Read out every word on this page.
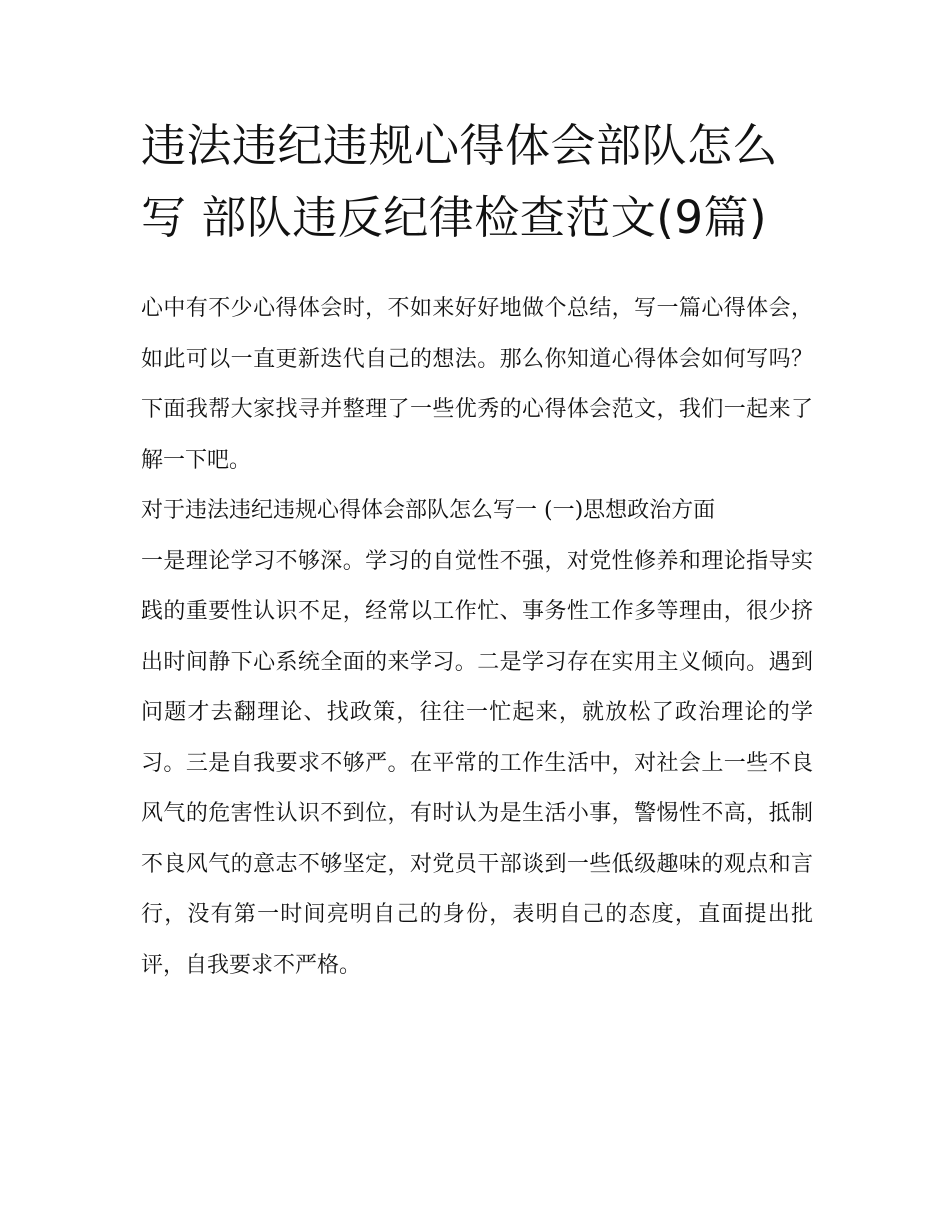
违法违纪违规心得体会部队怎么写 部队违反纪律检查范文(9篇)

心中有不少心得体会时，不如来好好地做个总结，写一篇心得体会，如此可以一直更新迭代自己的想法。那么你知道心得体会如何写吗？下面我帮大家找寻并整理了一些优秀的心得体会范文，我们一起来了解一下吧。

对于违法违纪违规心得体会部队怎么写一 (一)思想政治方面

一是理论学习不够深。学习的自觉性不强，对党性修养和理论指导实践的重要性认识不足，经常以工作忙、事务性工作多等理由，很少挤出时间静下心系统全面的来学习。二是学习存在实用主义倾向。遇到问题才去翻理论、找政策，往往一忙起来，就放松了政治理论的学习。三是自我要求不够严。在平常的工作生活中，对社会上一些不良风气的危害性认识不到位，有时认为是生活小事，警惕性不高，抵制不良风气的意志不够坚定，对党员干部谈到一些低级趣味的观点和言行，没有第一时间亮明自己的身份，表明自己的态度，直面提出批评，自我要求不严格。
